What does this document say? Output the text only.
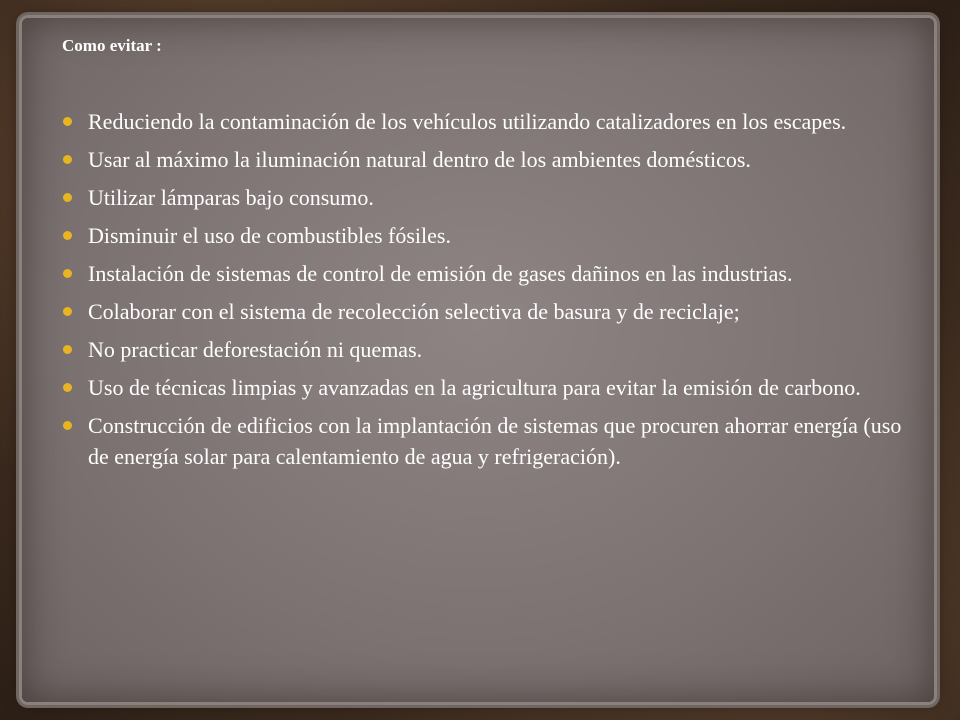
Como evitar :

Reduciendo la contaminación de los vehículos utilizando catalizadores en los escapes.
Usar al máximo la iluminación natural dentro de los ambientes domésticos.
Utilizar lámparas bajo consumo.
Disminuir el uso de combustibles fósiles.
Instalación de sistemas de control de emisión de gases dañinos en las industrias.
Colaborar con el sistema de recolección selectiva de basura y de reciclaje;
No practicar deforestación ni quemas.
Uso de técnicas limpias y avanzadas en la agricultura para evitar la emisión de carbono.
Construcción de edificios con la implantación de sistemas que procuren ahorrar energía (uso de energía solar para calentamiento de agua y refrigeración).
